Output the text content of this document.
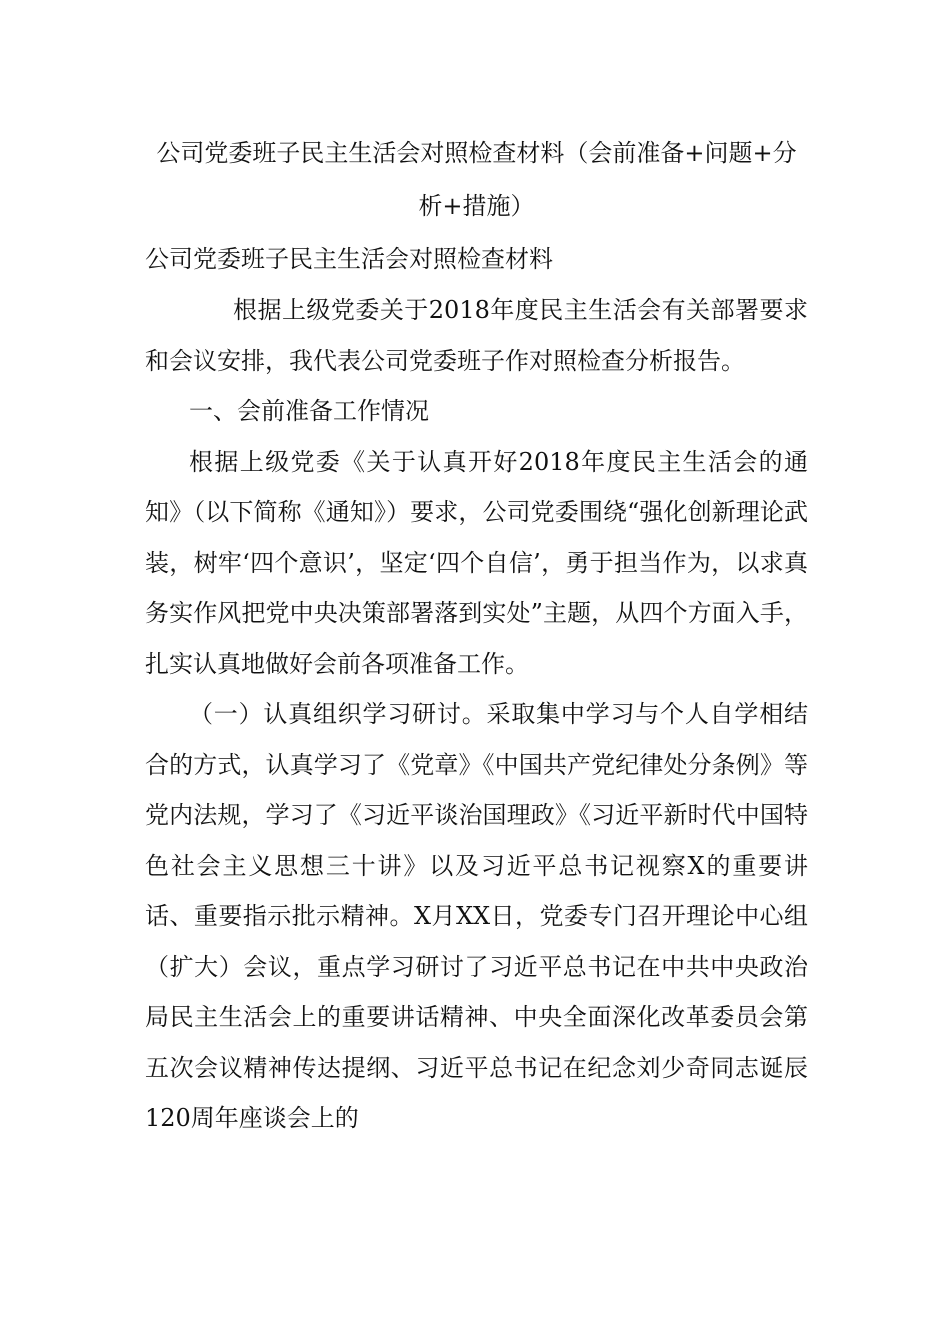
公司党委班子民主生活会对照检查材料（会前准备+问题+分析+措施）
公司党委班子民主生活会对照检查材料

根据上级党委关于2018年度民主生活会有关部署要求和会议安排，我代表公司党委班子作对照检查分析报告。

一、会前准备工作情况

根据上级党委《关于认真开好2018年度民主生活会的通知》（以下简称《通知》）要求，公司党委围绕“强化创新理论武装，树牢‘四个意识’，坚定‘四个自信’，勇于担当作为，以求真务实作风把党中央决策部署落到实处”主题，从四个方面入手，扎实认真地做好会前各项准备工作。

（一）认真组织学习研讨。采取集中学习与个人自学相结合的方式，认真学习了《党章》《中国共产党纪律处分条例》等党内法规，学习了《习近平谈治国理政》《习近平新时代中国特色社会主义思想三十讲》以及习近平总书记视察X的重要讲话、重要指示批示精神。X月XX日，党委专门召开理论中心组（扩大）会议，重点学习研讨了习近平总书记在中共中央政治局民主生活会上的重要讲话精神、中央全面深化改革委员会第五次会议精神传达提纲、习近平总书记在纪念刘少奇同志诞辰120周年座谈会上的
